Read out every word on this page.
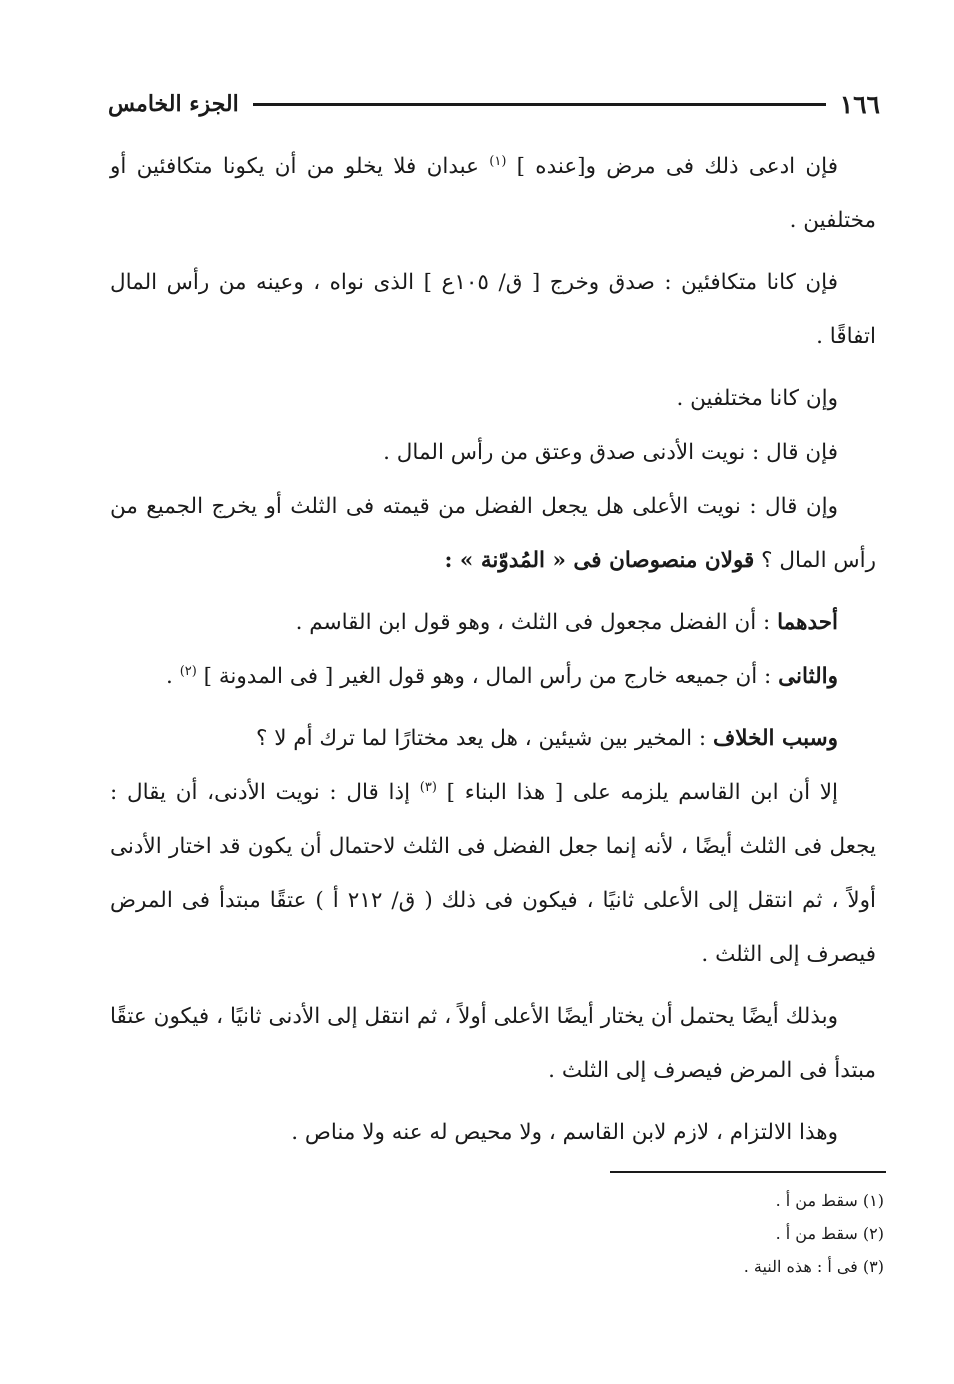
١٦٦
الجزء الخامس

فإن ادعى ذلك فى مرض و[عنده ] $^{(١)}$ عبدان فلا يخلو من أن يكونا متكافئين أو مختلفين .

فإن كانا متكافئين : صدق وخرج [ ق/ ١٠٥ع ] الذى نواه ، وعينه من رأس المال اتفاقًا .

وإن كانا مختلفين .

فإن قال : نويت الأدنى صدق وعتق من رأس المال .

وإن قال : نويت الأعلى هل يجعل الفضل من قيمته فى الثلث أو يخرج الجميع من رأس المال ؟ قولان منصوصان فى « المُدوّنة » :

أحدهما : أن الفضل مجعول فى الثلث ، وهو قول ابن القاسم .

والثانى : أن جميعه خارج من رأس المال ، وهو قول الغير [ فى المدونة ] $^{(٢)}$ .

وسبب الخلاف : المخير بين شيئين ، هل يعد مختارًا لما ترك أم لا ؟

إلا أن ابن القاسم يلزمه على [ هذا البناء ] $^{(٣)}$ إذا قال : نويت الأدنى، أن يقال : يجعل فى الثلث أيضًا ، لأنه إنما جعل الفضل فى الثلث لاحتمال أن يكون قد اختار الأدنى أولاً ، ثم انتقل إلى الأعلى ثانيًا ، فيكون فى ذلك ( ق/ ٢١٢ أ ) عتقًا مبتدأ فى المرض فيصرف إلى الثلث .

وبذلك أيضًا يحتمل أن يختار أيضًا الأعلى أولاً ، ثم انتقل إلى الأدنى ثانيًا ، فيكون عتقًا مبتدأ فى المرض فيصرف إلى الثلث .

وهذا الالتزام ، لازم لابن القاسم ، ولا محيص له عنه ولا مناص .

(١) سقط من أ .

(٢) سقط من أ .

(٣) فى أ : هذه النية .
